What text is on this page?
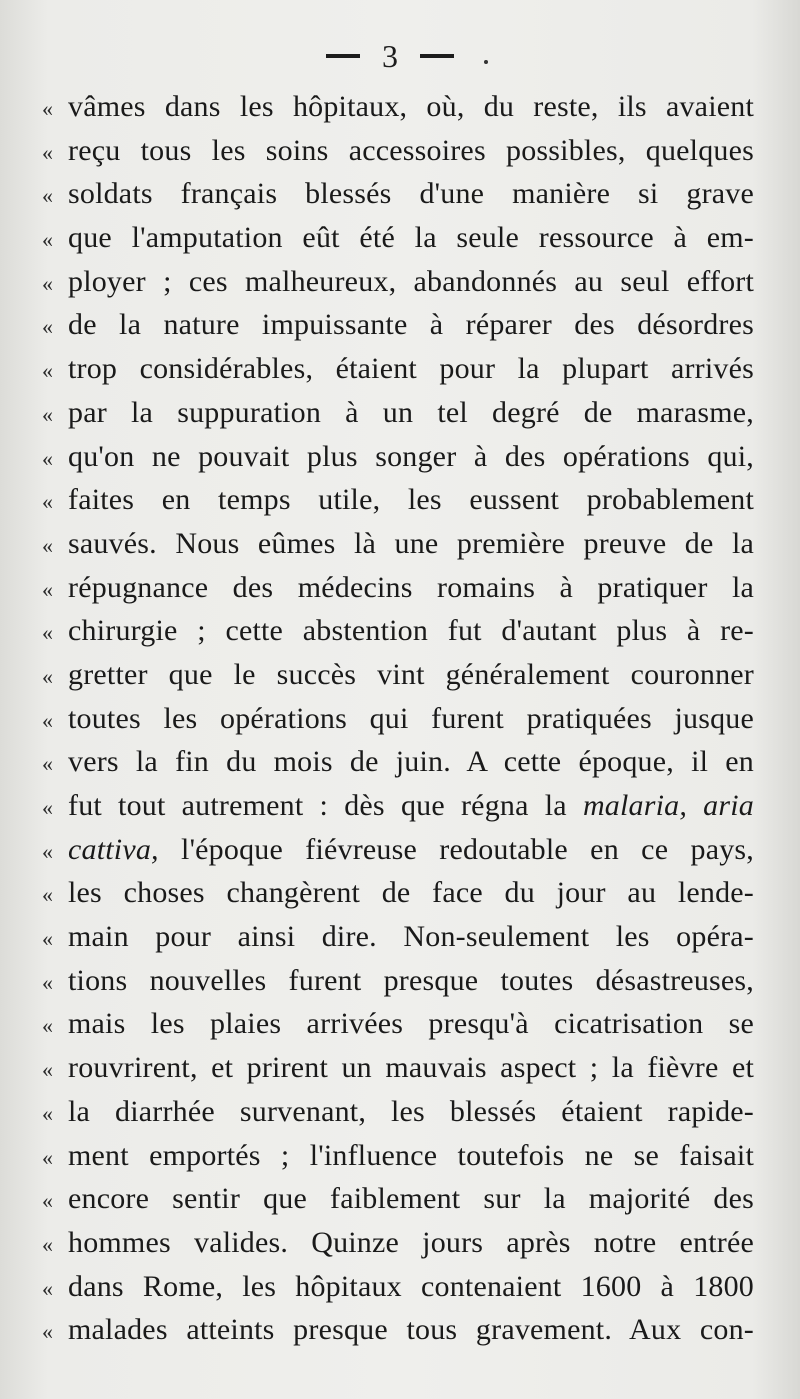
3
« vâmes dans les hôpitaux, où, du reste, ils avaient
« reçu tous les soins accessoires possibles, quelques
« soldats français blessés d'une manière si grave
« que l'amputation eût été la seule ressource à em-
« ployer ; ces malheureux, abandonnés au seul effort
« de la nature impuissante à réparer des désordres
« trop considérables, étaient pour la plupart arrivés
« par la suppuration à un tel degré de marasme,
« qu'on ne pouvait plus songer à des opérations qui,
« faites en temps utile, les eussent probablement
« sauvés. Nous eûmes là une première preuve de la
« répugnance des médecins romains à pratiquer la
« chirurgie ; cette abstention fut d'autant plus à re-
« gretter que le succès vint généralement couronner
« toutes les opérations qui furent pratiquées jusque
« vers la fin du mois de juin. A cette époque, il en
« fut tout autrement : dès que régna la malaria, aria
« cattiva, l'époque fiévreuse redoutable en ce pays,
« les choses changèrent de face du jour au lende-
« main pour ainsi dire. Non-seulement les opéra-
« tions nouvelles furent presque toutes désastreuses,
« mais les plaies arrivées presqu'à cicatrisation se
« rouvrirent, et prirent un mauvais aspect ; la fièvre et
« la diarrhée survenant, les blessés étaient rapide-
« ment emportés ; l'influence toutefois ne se faisait
« encore sentir que faiblement sur la majorité des
« hommes valides. Quinze jours après notre entrée
« dans Rome, les hôpitaux contenaient 1600 à 1800
« malades atteints presque tous gravement. Aux con-
